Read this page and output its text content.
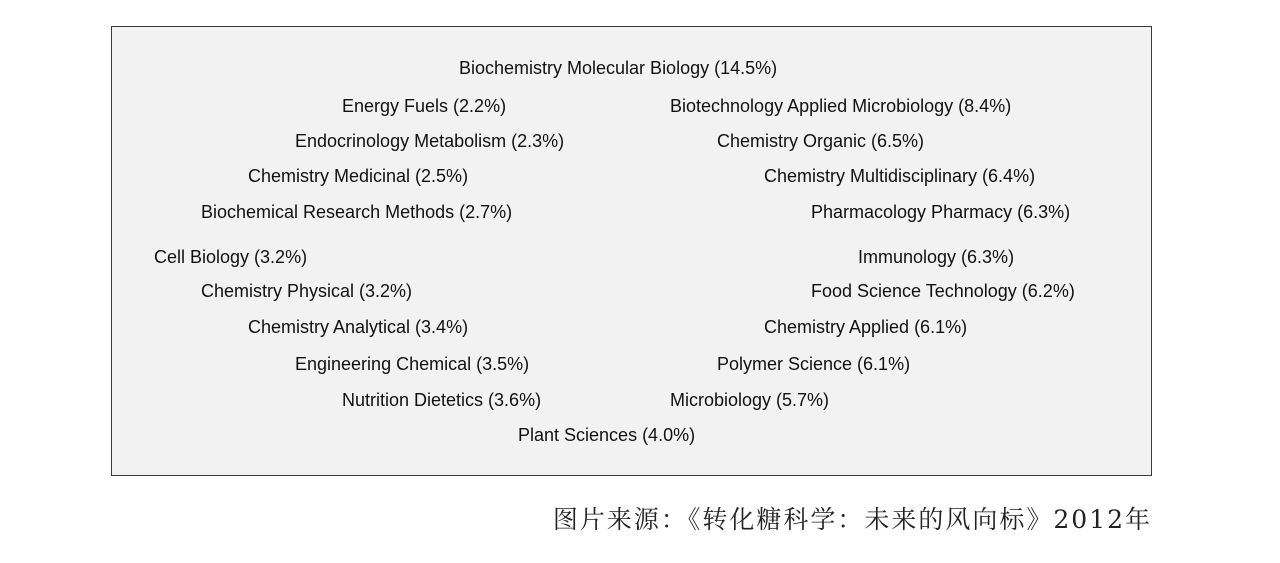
Biochemistry Molecular Biology (14.5%)
Energy Fuels (2.2%)
Endocrinology Metabolism (2.3%)
Chemistry Medicinal (2.5%)
Biochemical Research Methods (2.7%)
Cell Biology (3.2%)
Chemistry Physical (3.2%)
Chemistry Analytical (3.4%)
Engineering Chemical (3.5%)
Nutrition Dietetics (3.6%)
Biotechnology Applied Microbiology (8.4%)
Chemistry Organic (6.5%)
Chemistry Multidisciplinary (6.4%)
Pharmacology Pharmacy (6.3%)
Immunology (6.3%)
Food Science Technology (6.2%)
Chemistry Applied (6.1%)
Polymer Science (6.1%)
Microbiology (5.7%)
Plant Sciences (4.0%)
图片来源：《转化糖科学：未来的风向标》2012年
